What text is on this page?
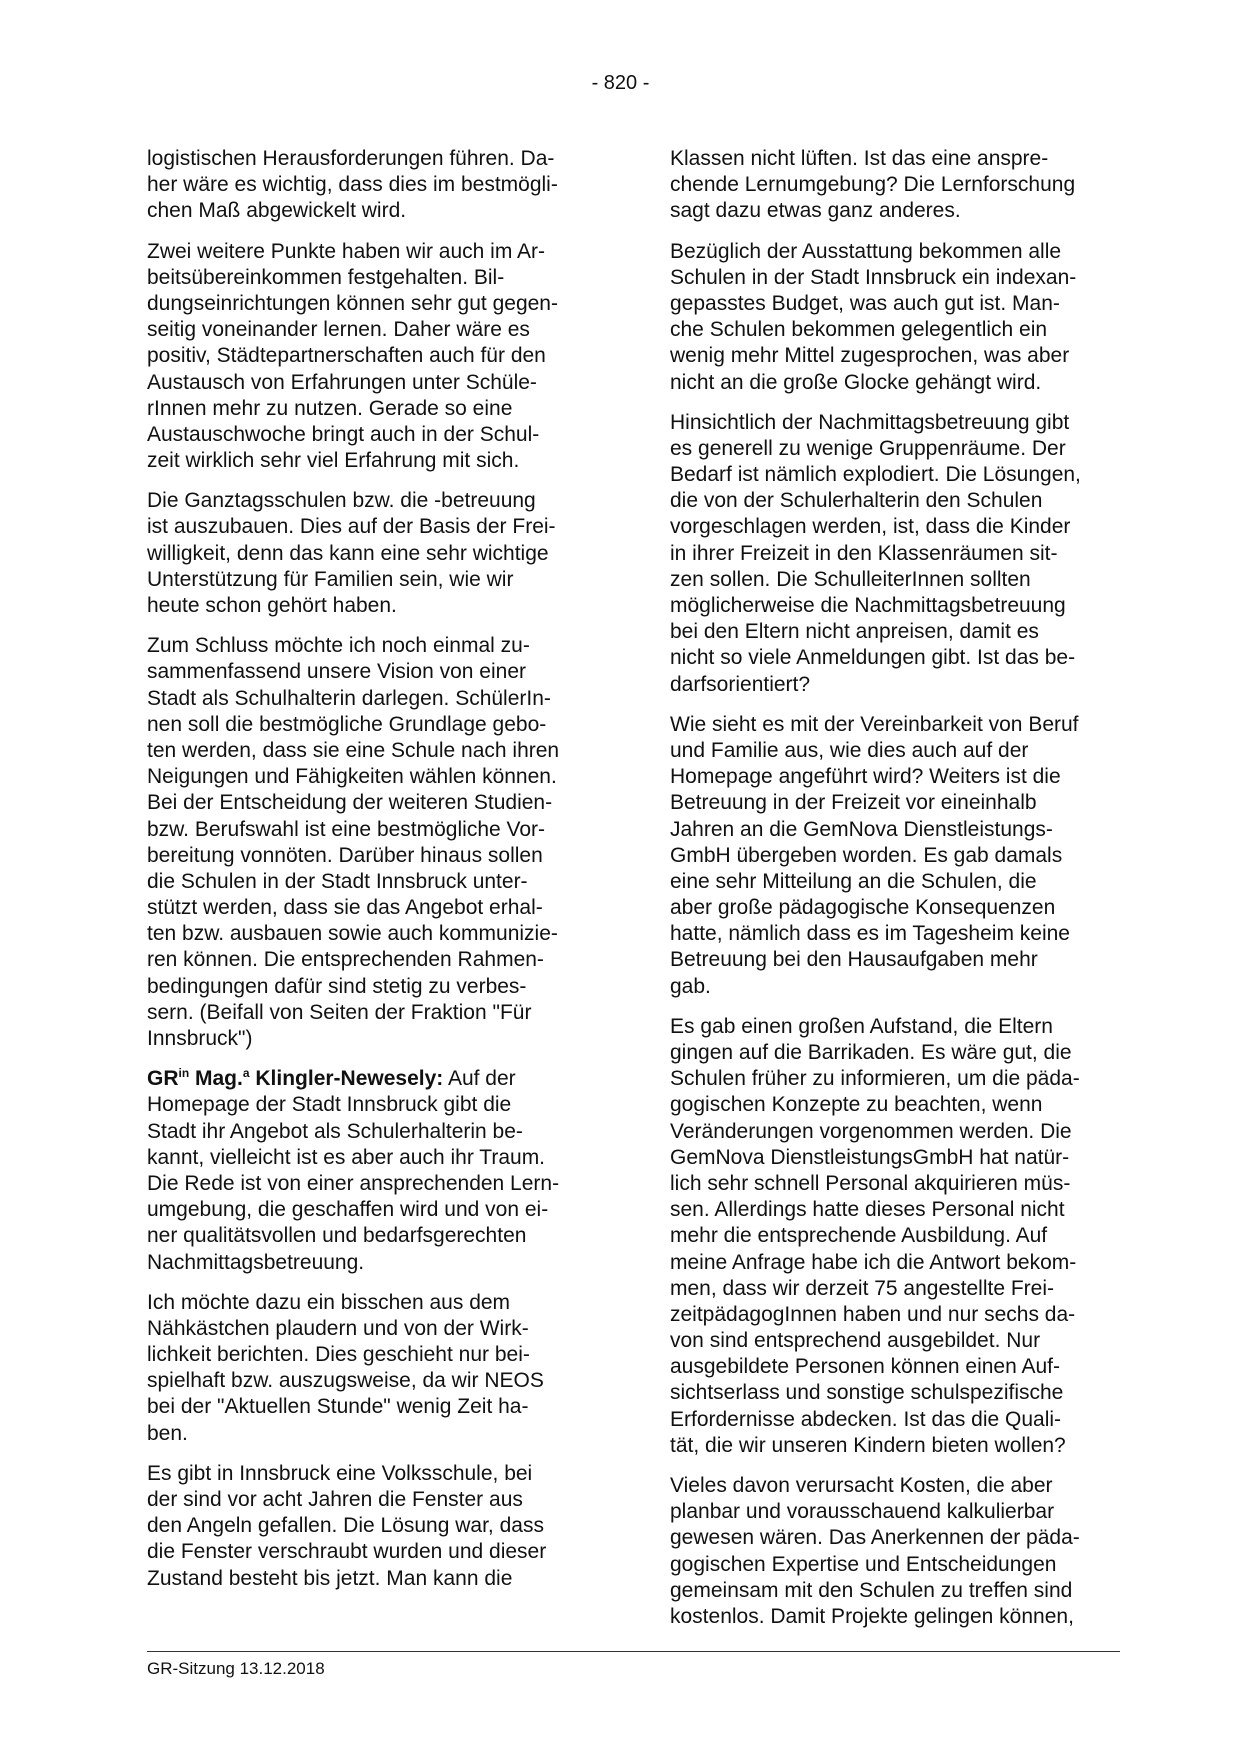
- 820 -
logistischen Herausforderungen führen. Da-
her wäre es wichtig, dass dies im bestmögli-
chen Maß abgewickelt wird.
Zwei weitere Punkte haben wir auch im Ar-
beitsübereinkommen festgehalten. Bil-
dungseinrichtungen können sehr gut gegen-
seitig voneinander lernen. Daher wäre es
positiv, Städtepartnerschaften auch für den
Austausch von Erfahrungen unter Schüle-
rInnen mehr zu nutzen. Gerade so eine
Austauschwoche bringt auch in der Schul-
zeit wirklich sehr viel Erfahrung mit sich.
Die Ganztagsschulen bzw. die -betreuung
ist auszubauen. Dies auf der Basis der Frei-
willigkeit, denn das kann eine sehr wichtige
Unterstützung für Familien sein, wie wir
heute schon gehört haben.
Zum Schluss möchte ich noch einmal zu-
sammenfassend unsere Vision von einer
Stadt als Schulhalterin darlegen. SchülerIn-
nen soll die bestmögliche Grundlage gebo-
ten werden, dass sie eine Schule nach ihren
Neigungen und Fähigkeiten wählen können.
Bei der Entscheidung der weiteren Studien-
bzw. Berufswahl ist eine bestmögliche Vor-
bereitung vonnöten. Darüber hinaus sollen
die Schulen in der Stadt Innsbruck unter-
stützt werden, dass sie das Angebot erhal-
ten bzw. ausbauen sowie auch kommunizie-
ren können. Die entsprechenden Rahmen-
bedingungen dafür sind stetig zu verbes-
sern. (Beifall von Seiten der Fraktion "Für
Innsbruck")
$GR^{in}$ Mag.$^a$ Klingler-Newesely: Auf der
Homepage der Stadt Innsbruck gibt die
Stadt ihr Angebot als Schulerhalterin be-
kannt, vielleicht ist es aber auch ihr Traum.
Die Rede ist von einer ansprechenden Lern-
umgebung, die geschaffen wird und von ei-
ner qualitätsvollen und bedarfsgerechten
Nachmittagsbetreuung.
Ich möchte dazu ein bisschen aus dem
Nähkästchen plaudern und von der Wirk-
lichkeit berichten. Dies geschieht nur bei-
spielhaft bzw. auszugsweise, da wir NEOS
bei der "Aktuellen Stunde" wenig Zeit ha-
ben.
Es gibt in Innsbruck eine Volksschule, bei
der sind vor acht Jahren die Fenster aus
den Angeln gefallen. Die Lösung war, dass
die Fenster verschraubt wurden und dieser
Zustand besteht bis jetzt. Man kann die
Klassen nicht lüften. Ist das eine anspre-
chende Lernumgebung? Die Lernforschung
sagt dazu etwas ganz anderes.
Bezüglich der Ausstattung bekommen alle
Schulen in der Stadt Innsbruck ein indexan-
gepasstes Budget, was auch gut ist. Man-
che Schulen bekommen gelegentlich ein
wenig mehr Mittel zugesprochen, was aber
nicht an die große Glocke gehängt wird.
Hinsichtlich der Nachmittagsbetreuung gibt
es generell zu wenige Gruppenräume. Der
Bedarf ist nämlich explodiert. Die Lösungen,
die von der Schulerhalterin den Schulen
vorgeschlagen werden, ist, dass die Kinder
in ihrer Freizeit in den Klassenräumen sit-
zen sollen. Die SchulleiterInnen sollten
möglicherweise die Nachmittagsbetreuung
bei den Eltern nicht anpreisen, damit es
nicht so viele Anmeldungen gibt. Ist das be-
darfsorientiert?
Wie sieht es mit der Vereinbarkeit von Beruf
und Familie aus, wie dies auch auf der
Homepage angeführt wird? Weiters ist die
Betreuung in der Freizeit vor eineinhalb
Jahren an die GemNova Dienstleistungs-
GmbH übergeben worden. Es gab damals
eine sehr Mitteilung an die Schulen, die
aber große pädagogische Konsequenzen
hatte, nämlich dass es im Tagesheim keine
Betreuung bei den Hausaufgaben mehr
gab.
Es gab einen großen Aufstand, die Eltern
gingen auf die Barrikaden. Es wäre gut, die
Schulen früher zu informieren, um die päda-
gogischen Konzepte zu beachten, wenn
Veränderungen vorgenommen werden. Die
GemNova DienstleistungsGmbH hat natür-
lich sehr schnell Personal akquirieren müs-
sen. Allerdings hatte dieses Personal nicht
mehr die entsprechende Ausbildung. Auf
meine Anfrage habe ich die Antwort bekom-
men, dass wir derzeit 75 angestellte Frei-
zeitpädagogInnen haben und nur sechs da-
von sind entsprechend ausgebildet. Nur
ausgebildete Personen können einen Auf-
sichtserlass und sonstige schulspezifische
Erfordernisse abdecken. Ist das die Quali-
tät, die wir unseren Kindern bieten wollen?
Vieles davon verursacht Kosten, die aber
planbar und vorausschauend kalkulierbar
gewesen wären. Das Anerkennen der päda-
gogischen Expertise und Entscheidungen
gemeinsam mit den Schulen zu treffen sind
kostenlos. Damit Projekte gelingen können,
GR-Sitzung 13.12.2018
